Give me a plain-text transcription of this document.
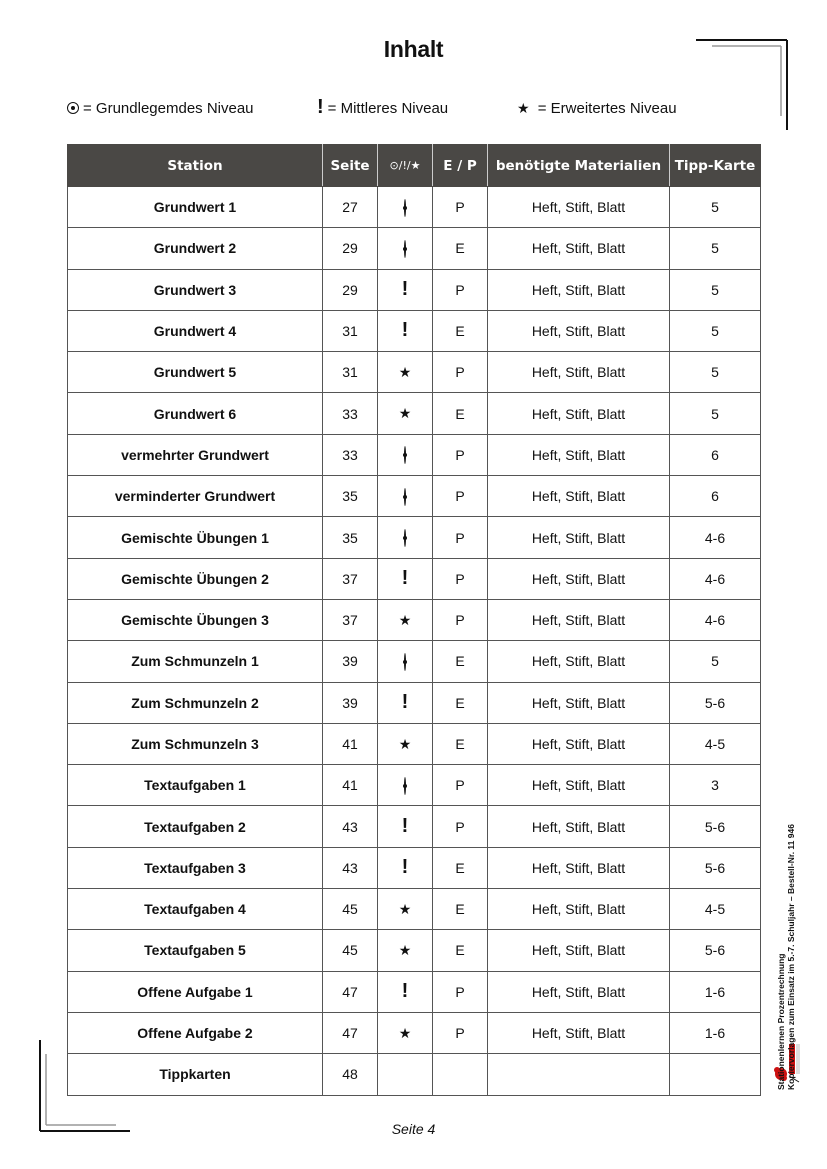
Inhalt
= Grundlegemdes Niveau	! = Mittleres Niveau	★ = Erweitertes Niveau
Station	Seite	⊙/!/★	E / P	benötigte Materialien	Tipp-Karte
Grundwert 1	27		P	Heft, Stift, Blatt	5
Grundwert 2	29		E	Heft, Stift, Blatt	5
Grundwert 3	29	!	P	Heft, Stift, Blatt	5
Grundwert 4	31	!	E	Heft, Stift, Blatt	5
Grundwert 5	31	★	P	Heft, Stift, Blatt	5
Grundwert 6	33	★	E	Heft, Stift, Blatt	5
vermehrter Grundwert	33		P	Heft, Stift, Blatt	6
verminderter Grundwert	35		P	Heft, Stift, Blatt	6
Gemischte Übungen 1	35		P	Heft, Stift, Blatt	4-6
Gemischte Übungen 2	37	!	P	Heft, Stift, Blatt	4-6
Gemischte Übungen 3	37	★	P	Heft, Stift, Blatt	4-6
Zum Schmunzeln 1	39		E	Heft, Stift, Blatt	5
Zum Schmunzeln 2	39	!	E	Heft, Stift, Blatt	5-6
Zum Schmunzeln 3	41	★	E	Heft, Stift, Blatt	4-5
Textaufgaben 1	41		P	Heft, Stift, Blatt	3
Textaufgaben 2	43	!	P	Heft, Stift, Blatt	5-6
Textaufgaben 3	43	!	E	Heft, Stift, Blatt	5-6
Textaufgaben 4	45	★	E	Heft, Stift, Blatt	4-5
Textaufgaben 5	45	★	E	Heft, Stift, Blatt	5-6
Offene Aufgabe 1	47	!	P	Heft, Stift, Blatt	1-6
Offene Aufgabe 2	47	★	P	Heft, Stift, Blatt	1-6
Tippkarten	48					Stationenlernen Prozentrechnung Kopiervorlagen zum Einsatz im 5.-7. Schuljahr – Bestell-Nr. 11 946
Seite 4
